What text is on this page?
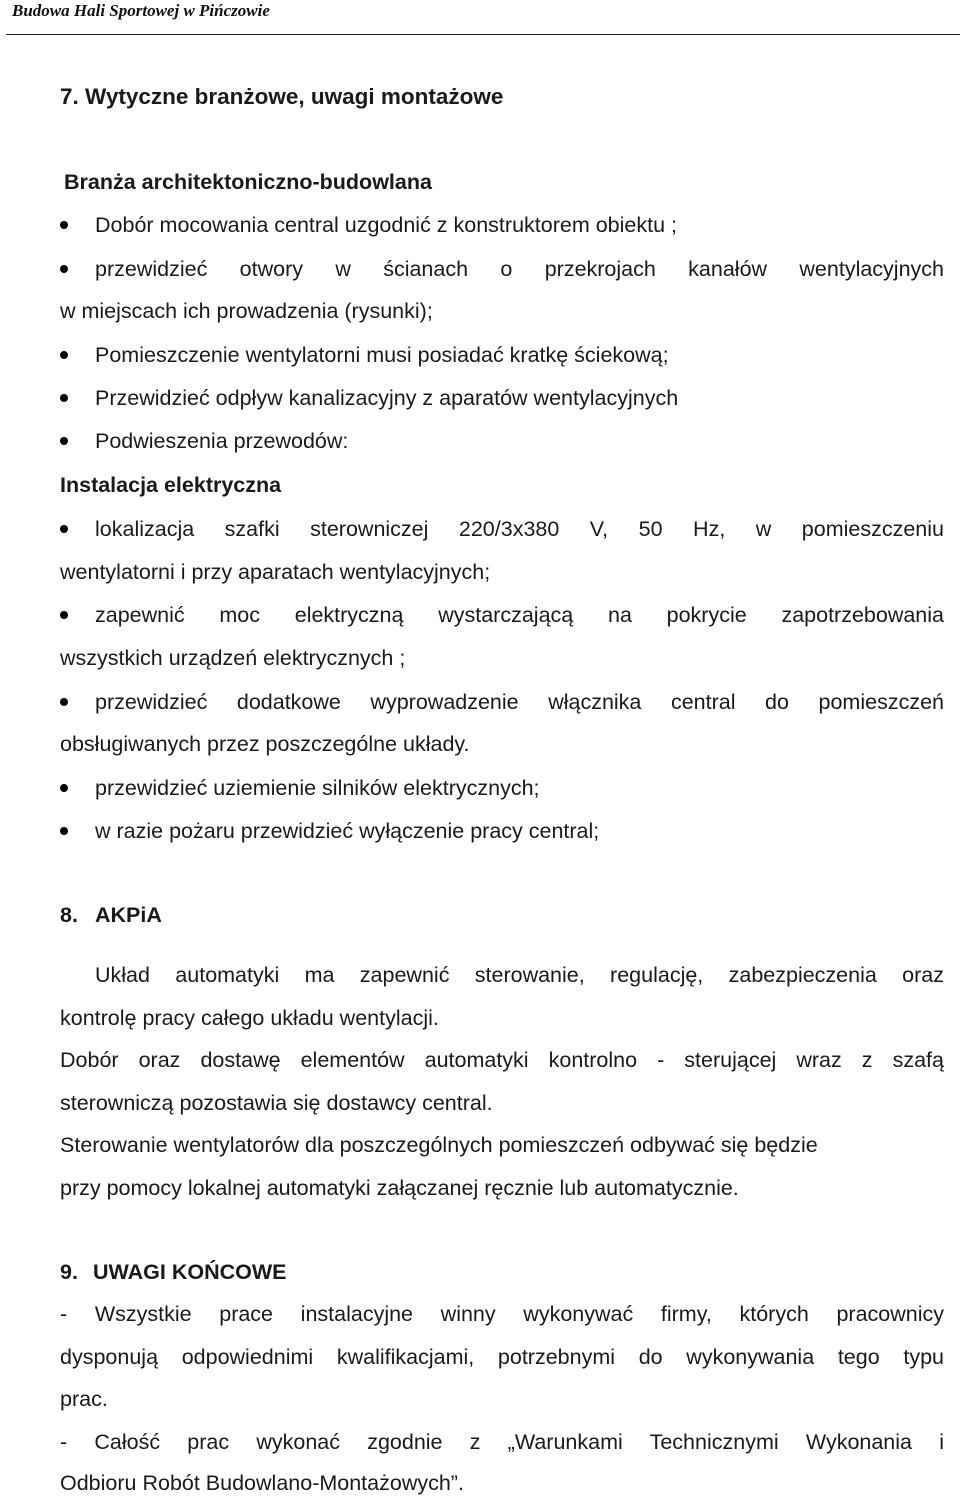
Budowa Hali Sportowej w Pińczowie
7. Wytyczne branżowe, uwagi montażowe
Branża architektoniczno-budowlana
Dobór mocowania central uzgodnić z konstruktorem obiektu ;
przewidzieć otwory w ścianach o przekrojach kanałów wentylacyjnych
w miejscach ich prowadzenia (rysunki);
Pomieszczenie wentylatorni musi posiadać kratkę ściekową;
Przewidzieć odpływ kanalizacyjny z aparatów wentylacyjnych
Podwieszenia przewodów:
Instalacja elektryczna
lokalizacja szafki sterowniczej 220/3x380 V, 50 Hz, w pomieszczeniu
wentylatorni i przy aparatach wentylacyjnych;
zapewnić moc elektryczną wystarczającą na pokrycie zapotrzebowania
wszystkich urządzeń elektrycznych ;
przewidzieć dodatkowe wyprowadzenie włącznika central do pomieszczeń
obsługiwanych przez poszczególne układy.
przewidzieć uziemienie silników elektrycznych;
w razie pożaru przewidzieć wyłączenie pracy central;
8. AKPiA
Układ automatyki ma zapewnić sterowanie, regulację, zabezpieczenia oraz
kontrolę pracy całego układu wentylacji.
Dobór oraz dostawę elementów automatyki kontrolno - sterującej wraz z szafą
sterowniczą pozostawia się dostawcy central.
Sterowanie wentylatorów dla poszczególnych pomieszczeń odbywać się będzie
przy pomocy lokalnej automatyki załączanej ręcznie lub automatycznie.
9. UWAGI KOŃCOWE
- Wszystkie prace instalacyjne winny wykonywać firmy, których pracownicy
dysponują odpowiednimi kwalifikacjami, potrzebnymi do wykonywania tego typu
prac.
- Całość prac wykonać zgodnie z „Warunkami Technicznymi Wykonania i
Odbioru Robót Budowlano-Montażowych”.
